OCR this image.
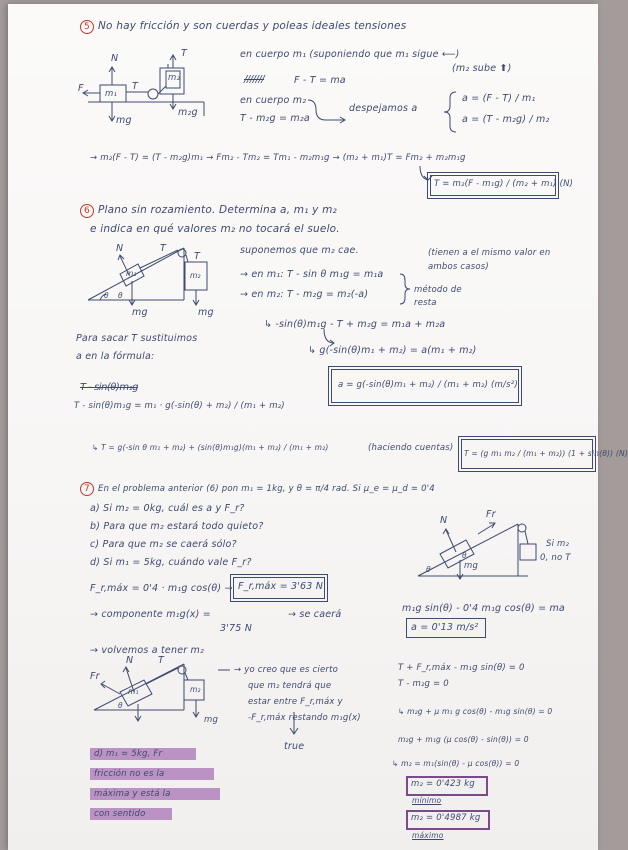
5 No hay fricción y son cuerdas y poleas ideales tensiones
N
T
F	m₁
m₂
T
mg
m₂g
en cuerpo m₁ (suponiendo que m₁ sigue ⟵)
(m₂ sube ⬆)
///////	F - T = ma
en cuerpo m₂
T - m₂g = m₂a
despejamos a
a = (F - T) / m₁
a = (T - m₂g) / m₂
→ m₂(F - T) = (T - m₂g)m₁ → Fm₂ - Tm₂ = Tm₁ - m₂m₁g → (m₂ + m₁)T = Fm₂ + m₂m₁g
T = m₂(F - m₁g) / (m₂ + m₁) (N)
6 Plano sin rozamiento. Determina a, m₁ y m₂
e indica en qué valores m₂ no tocará el suelo.
N	T
T
m₁	m₂
θ
θ
mg	mg
suponemos que m₂ cae.	(tienen a el mismo valor en ambos casos)
→ en m₁: T - sin θ m₁g = m₁a
→ en m₂: T - m₂g = m₂(-a)	método de resta
↳ -sin(θ)m₁g - T + m₂g = m₁a + m₂a
↳ g(-sin(θ)m₁ + m₂) = a(m₁ + m₂)
Para sacar T sustituimos
a en la fórmula:
a = g(-sin(θ)m₁ + m₂) / (m₁ + m₂) (m/s²)
T - sin(θ)m₁g
T - sin(θ)m₁g = m₁ · g(-sin(θ) + m₂) / (m₁ + m₂)
↳ T = g(-sin θ m₁ + m₂) + (sin(θ)m₁g)(m₁ + m₂) / (m₁ + m₂)	(haciendo cuentas)
T = (g m₁ m₂ / (m₁ + m₂)) (1 + sin(θ)) (N)
7 En el problema anterior (6) pon m₁ = 1kg, y θ = π/4 rad. Si μ_e = μ_d = 0'4
a) Si m₂ = 0kg, cuál es a y F_r?
b) Para que m₂ estará todo quieto?
c) Para que m₂ se caerá sólo?
d) Si m₁ = 5kg, cuándo vale F_r?
N
Fr
θ
θ	mg
Si m₂
0, no T
F_r,máx = 0'4 · m₁g cos(θ) → F_r,máx = 3'63 N
→ componente m₁g(x) =
3'75 N
→ se caerá
m₁g sin(θ) - 0'4 m₁g cos(θ) = ma
a = 0'13 m/s²
→ volvemos a tener m₂
N	T
Fr
m₁	m₂
θ
mg
→ yo creo que es cierto
que m₂ tendrá que
estar entre F_r,máx y
-F_r,máx restando m₁g(x)
true
T + F_r,máx - m₁g sin(θ) = 0
T - m₂g = 0
↳ m₂g + μ m₁ g cos(θ) - m₁g sin(θ) = 0
m₂g + m₁g (μ cos(θ) - sin(θ)) = 0
↳ m₂ = m₁(sin(θ) - μ cos(θ)) = 0
m₂ = 0'423 kg
mínimo
m₂ = 0'4987 kg
máximo
d) m₁ = 5kg, Fr
fricción no es la
máxima y está la
con sentido
